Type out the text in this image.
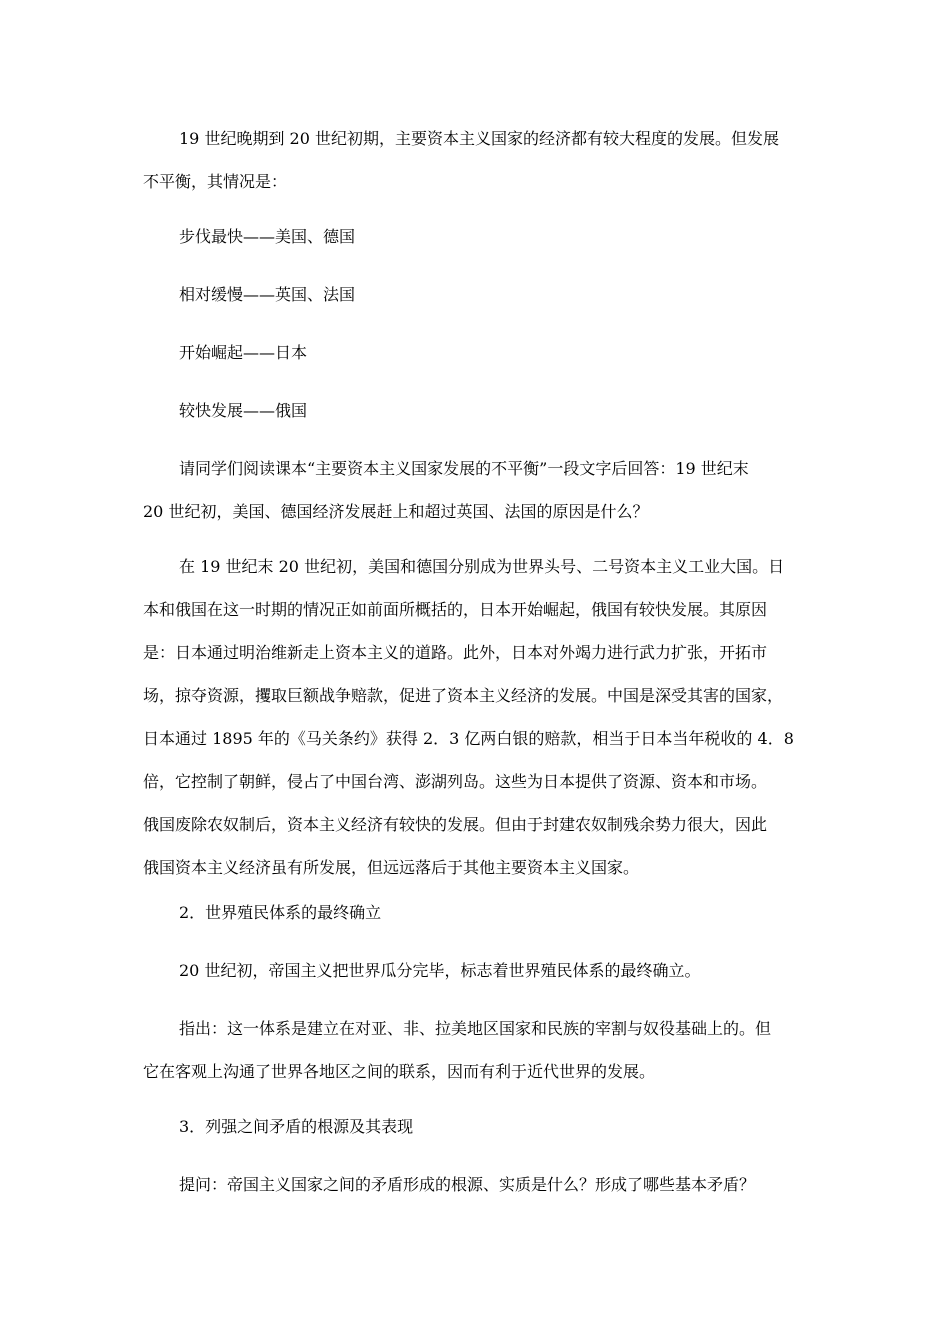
19 世纪晚期到 20 世纪初期，主要资本主义国家的经济都有较大程度的发展。但发展
不平衡，其情况是：

步伐最快——美国、德国

相对缓慢——英国、法国

开始崛起——日本

较快发展——俄国

请同学们阅读课本“主要资本主义国家发展的不平衡”一段文字后回答：19 世纪末
20 世纪初，美国、德国经济发展赶上和超过英国、法国的原因是什么？
在 19 世纪末 20 世纪初，美国和德国分别成为世界头号、二号资本主义工业大国。日
本和俄国在这一时期的情况正如前面所概括的，日本开始崛起，俄国有较快发展。其原因
是：日本通过明治维新走上资本主义的道路。此外，日本对外竭力进行武力扩张，开拓市
场，掠夺资源，攫取巨额战争赔款，促进了资本主义经济的发展。中国是深受其害的国家，
日本通过 1895 年的《马关条约》获得 2．3 亿两白银的赔款，相当于日本当年税收的 4．8
倍，它控制了朝鲜，侵占了中国台湾、澎湖列岛。这些为日本提供了资源、资本和市场。
俄国废除农奴制后，资本主义经济有较快的发展。但由于封建农奴制残余势力很大，因此
俄国资本主义经济虽有所发展，但远远落后于其他主要资本主义国家。

2．世界殖民体系的最终确立

20 世纪初，帝国主义把世界瓜分完毕，标志着世界殖民体系的最终确立。

指出：这一体系是建立在对亚、非、拉美地区国家和民族的宰割与奴役基础上的。但
它在客观上沟通了世界各地区之间的联系，因而有利于近代世界的发展。

3．列强之间矛盾的根源及其表现

提问：帝国主义国家之间的矛盾形成的根源、实质是什么？形成了哪些基本矛盾？
